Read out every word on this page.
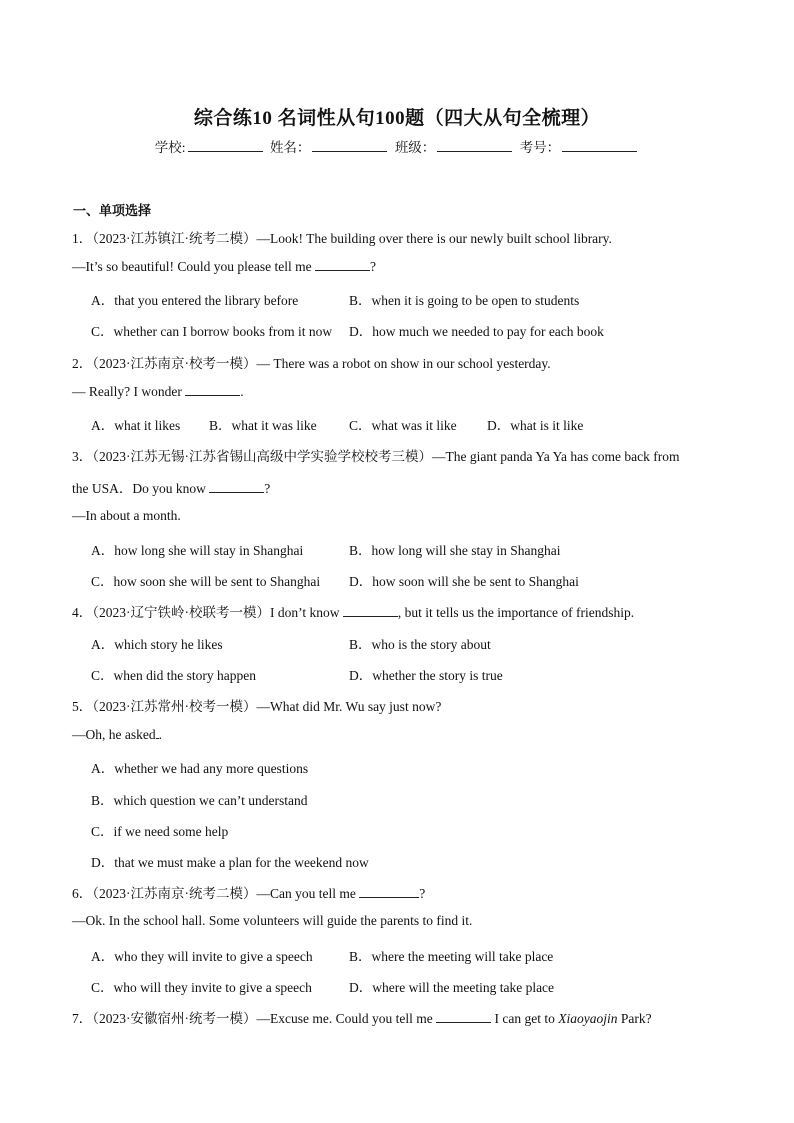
综合练10 名词性从句100题（四大从句全梳理）
学校:	姓名：	班级：	考号：
一、单项选择
1．（2023·江苏镇江·统考二模）—Look! The building over there is our newly built school library.
—It’s so beautiful! Could you please tell me	?
A．that you entered the library before	B．when it is going to be open to students
C．whether can I borrow books from it now D．how much we needed to pay for each book
2．（2023·江苏南京·校考一模）— There was a robot on show in our school yesterday.
— Really? I wonder	.
A．what it likes B．what it was like C．what was it like D．what is it like
3．（2023·江苏无锡·江苏省锡山高级中学实验学校校考三模）—The giant panda Ya Ya has come back from
the USA．Do you know	?
—In about a month.
A．how long she will stay in Shanghai	B．how long will she stay in Shanghai
C．how soon she will be sent to Shanghai D．how soon will she be sent to Shanghai
4．（2023·辽宁铁岭·校联考一模）I don’t know	, but it tells us the importance of friendship.
A．which story he likes	B．who is the story about
C．when did the story happen	D．whether the story is true
5．（2023·江苏常州·校考一模）—What did Mr. Wu say just now?
—Oh, he asked .
A．whether we had any more questions
B．which question we can’t understand
C．if we need some help
D．that we must make a plan for the weekend now
6．（2023·江苏南京·统考二模）—Can you tell me	?
—Ok. In the school hall. Some volunteers will guide the parents to find it.
A．who they will invite to give a speech	B．where the meeting will take place
C．who will they invite to give a speech	D．where will the meeting take place
7．（2023·安徽宿州·统考一模）—Excuse me. Could you tell me	I can get to Xiaoyaojin Park?
